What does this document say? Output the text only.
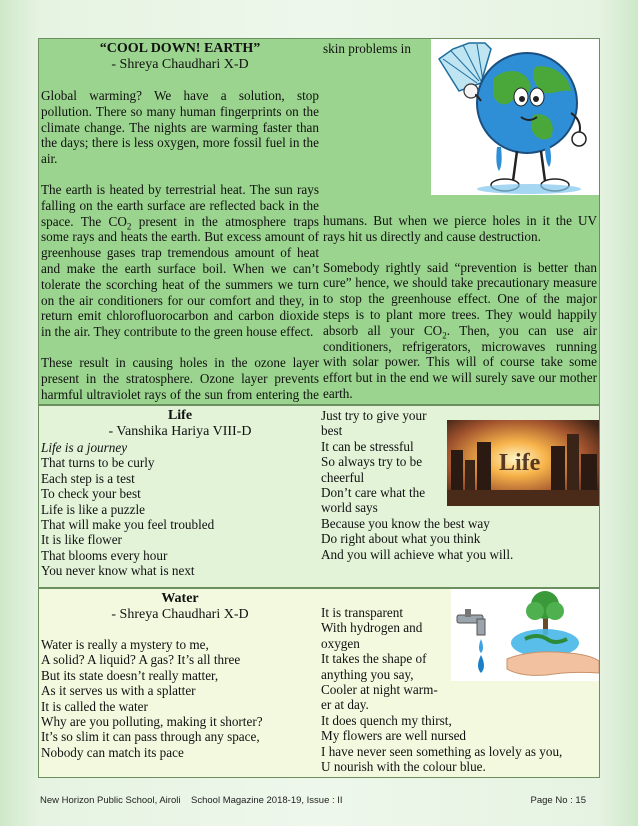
“COOL DOWN! EARTH”
- Shreya Chaudhari X-D

Global warming? We have a solution, stop pollution. There so many human fingerprints on the climate change. The nights are warming faster than the days; there is less oxygen, more fossil fuel in the air.

The earth is heated by terrestrial heat. The sun rays falling on the earth surface are reflected back in the space. The $CO_2$ present in the atmosphere traps some rays and heats the earth. But excess amount of greenhouse gases trap tremendous amount of heat and make the earth surface boil. When we can’t tolerate the scorching heat of the summers we turn on the air conditioners for our comfort and they, in return emit chlorofluorocarbon and carbon dioxide in the air. They contribute to the green house effect.

These result in causing holes in the ozone layer present in the stratosphere. Ozone layer prevents harmful ultraviolet rays of the sun from entering the

skin problems in

humans. But when we pierce holes in it the UV rays hit us directly and cause destruction.

Somebody rightly said “prevention is better than cure” hence, we should take precautionary measure to stop the greenhouse effect. One of the major steps is to plant more trees. They would happily absorb all your $CO_2$. Then, you can use air conditioners, refrigerators, microwaves running with solar power. This will of course take some effort but in the end we will surely save our mother earth.

Life
- Vanshika Hariya VIII-D
Life is a journey
That turns to be curly
Each step is a test
To check your best
Life is like a puzzle
That will make you feel troubled
It is like flower
That blooms every hour
You never know what is next
Just try to give your
best
It can be stressful
So always try to be
cheerful
Don’t care what the
world says
Because you know the best way
Do right about what you think
And you will achieve what you will.
Life
Water
- Shreya Chaudhari X-D
Water is really a mystery to me,
A solid? A liquid? A gas? It’s all three
But its state doesn’t really matter,
As it serves us with a splatter
It is called the water
Why are you polluting, making it shorter?
It’s so slim it can pass through any space,
Nobody can match its pace
It is transparent
With hydrogen and
oxygen
It takes the shape of
anything you say,
Cooler at night warm-
er at day.
It does quench my thirst,
My flowers are well nursed
I have never seen something as lovely as you,
U nourish with the colour blue.
New Horizon Public School, Airoli    School Magazine 2018-19, Issue : II	Page No : 15
